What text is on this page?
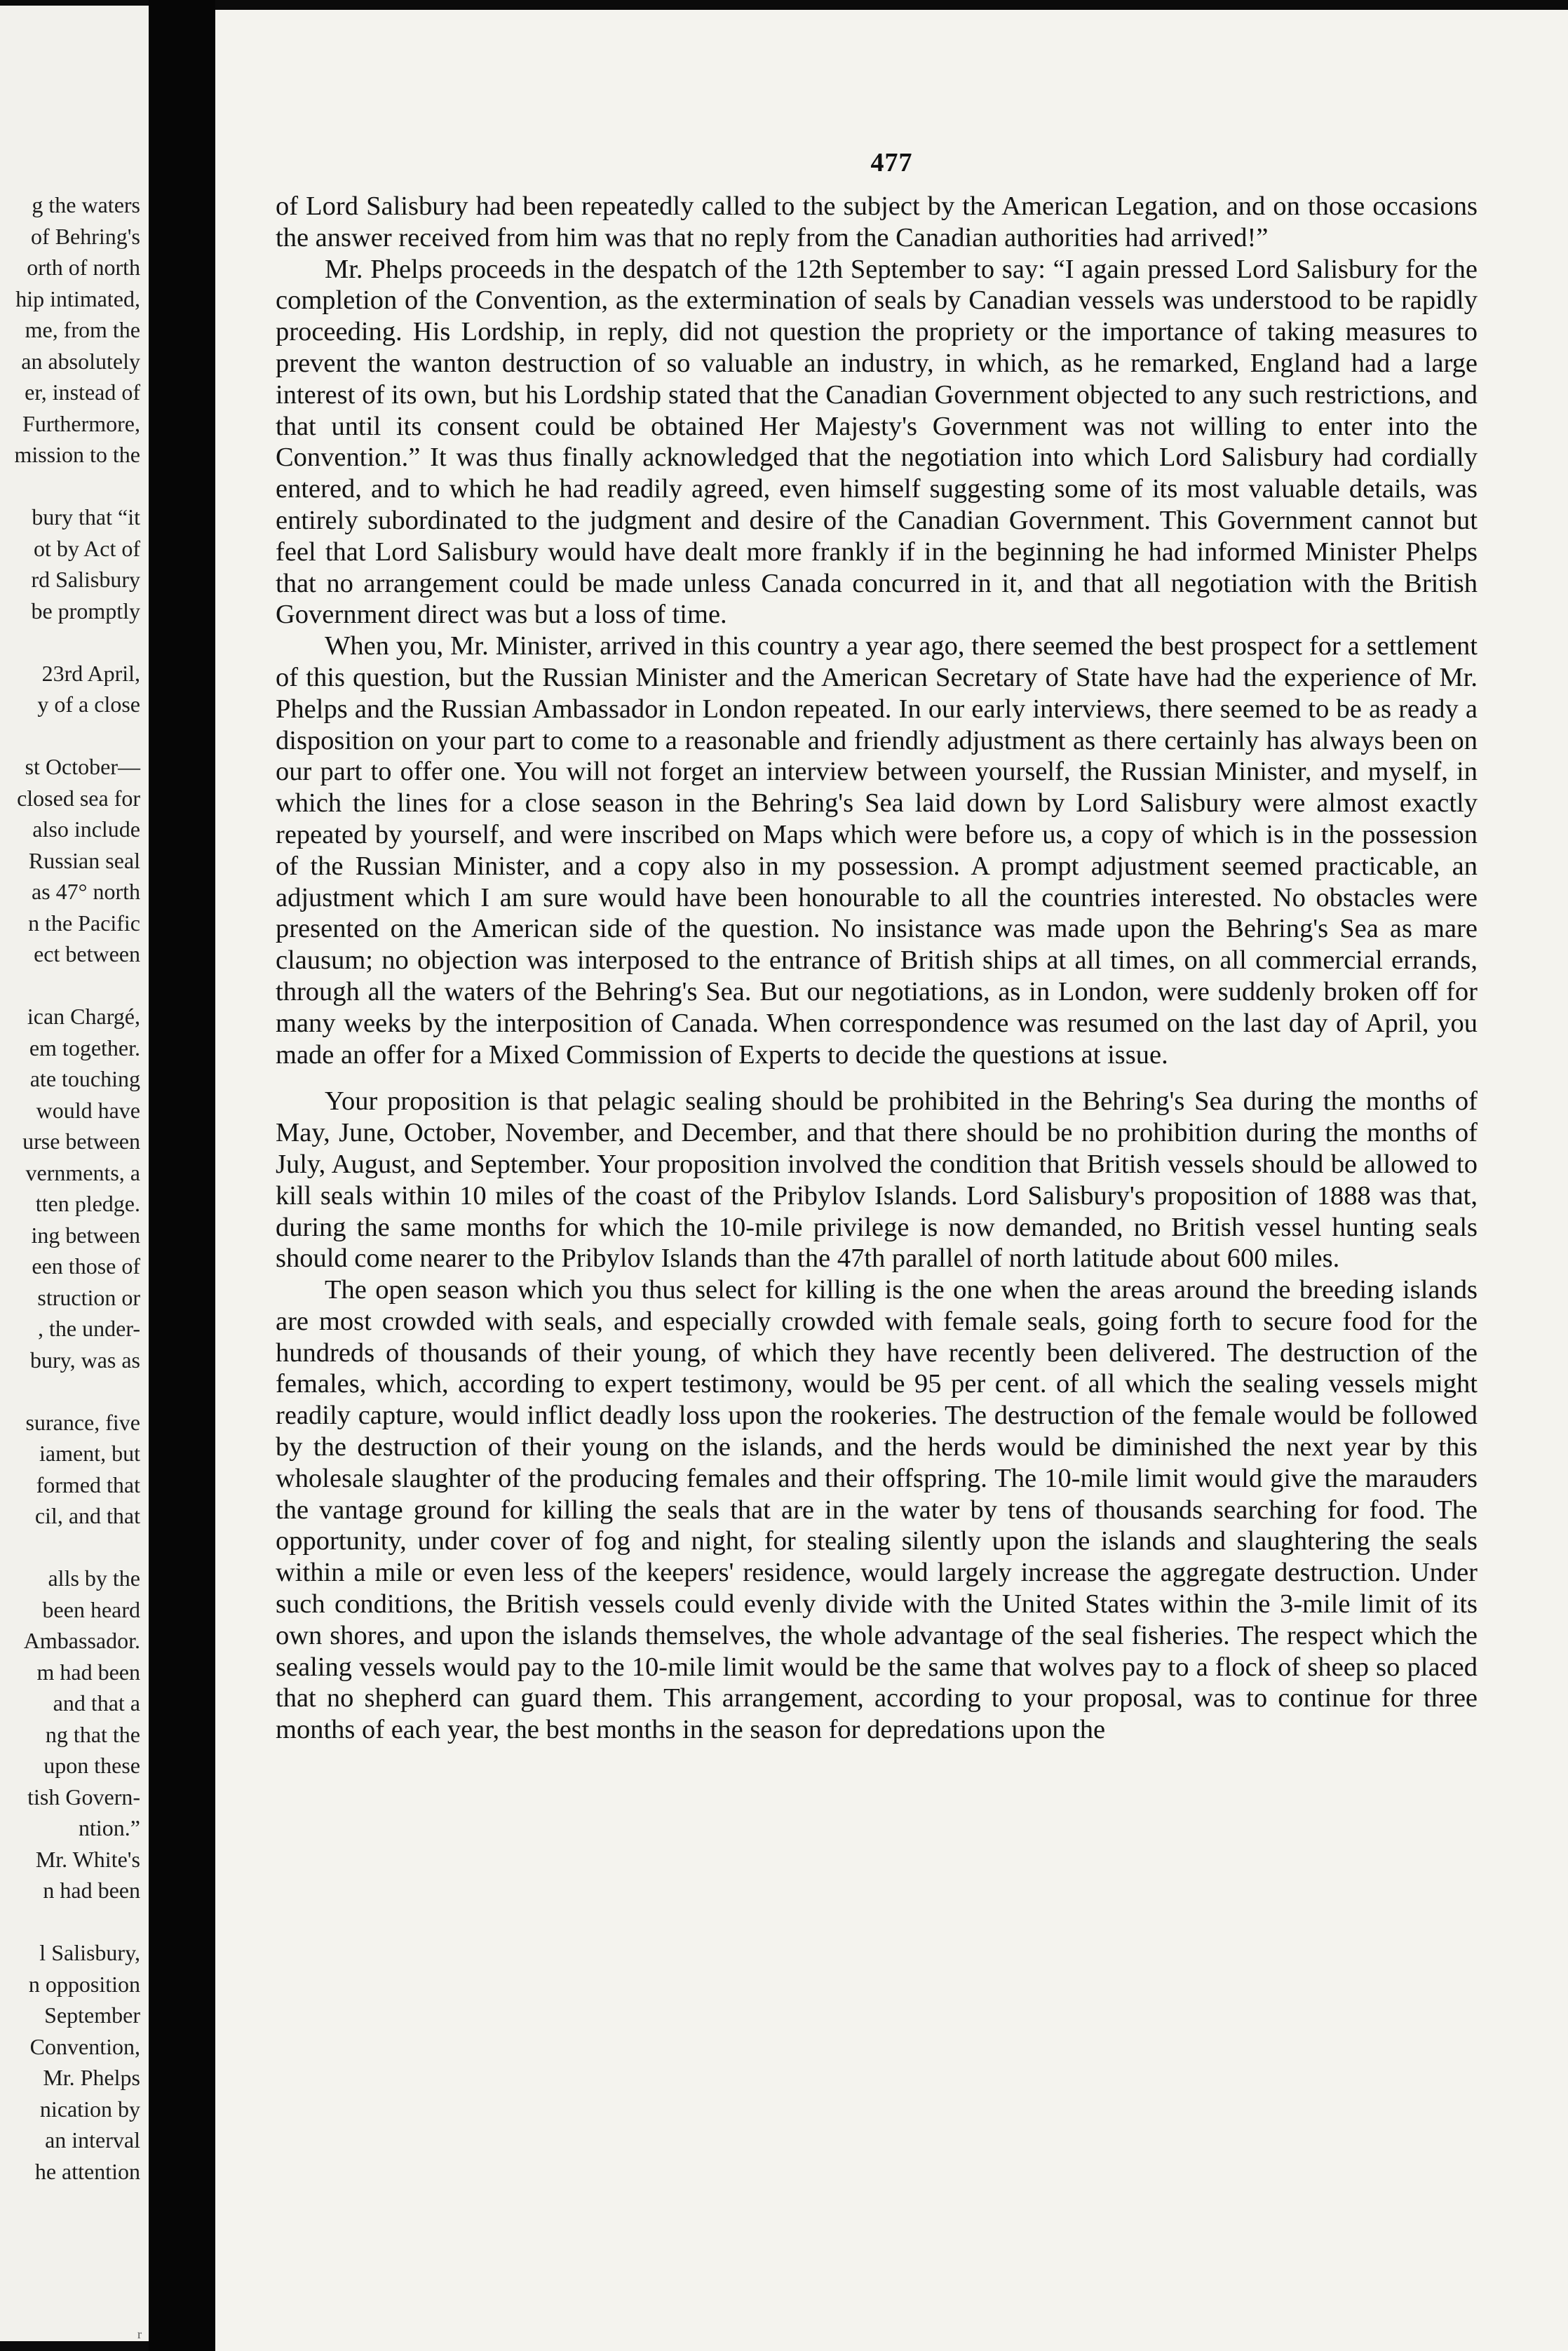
g the waters
of Behring's
orth of north
hip intimated,
me, from the
an absolutely
er, instead of
Furthermore,
mission to the
bury that “it
ot by Act of
rd Salisbury
be promptly
23rd April,
y of a close
st October—
closed sea for
also include
Russian seal
as 47° north
n the Pacific
ect between
ican Chargé,
em together.
ate touching
would have
urse between
vernments, a
tten pledge.
ing between
een those of
struction or
, the under-
bury, was as
surance, five
iament, but
formed that
cil, and that
alls by the
been heard
Ambassador.
m had been
and that a
ng that the
upon these
tish Govern-
ntion.”
Mr. White's
n had been
l Salisbury,
n opposition
September
Convention,
Mr. Phelps
nication by
an interval
he attention
477

of Lord Salisbury had been repeatedly called to the subject by the American Legation, and on those occasions the answer received from him was that no reply from the Canadian authorities had arrived!”

Mr. Phelps proceeds in the despatch of the 12th September to say: “I again pressed Lord Salisbury for the completion of the Convention, as the extermination of seals by Canadian vessels was understood to be rapidly proceeding. His Lordship, in reply, did not question the propriety or the importance of taking measures to prevent the wanton destruction of so valuable an industry, in which, as he remarked, England had a large interest of its own, but his Lordship stated that the Canadian Government objected to any such restrictions, and that until its consent could be obtained Her Majesty's Government was not willing to enter into the Convention.” It was thus finally acknowledged that the negotiation into which Lord Salisbury had cordially entered, and to which he had readily agreed, even himself suggesting some of its most valuable details, was entirely subordinated to the judgment and desire of the Canadian Government. This Government cannot but feel that Lord Salisbury would have dealt more frankly if in the beginning he had informed Minister Phelps that no arrangement could be made unless Canada concurred in it, and that all negotiation with the British Government direct was but a loss of time.

When you, Mr. Minister, arrived in this country a year ago, there seemed the best prospect for a settlement of this question, but the Russian Minister and the American Secretary of State have had the experience of Mr. Phelps and the Russian Ambassador in London repeated. In our early interviews, there seemed to be as ready a disposition on your part to come to a reasonable and friendly adjustment as there certainly has always been on our part to offer one. You will not forget an interview between yourself, the Russian Minister, and myself, in which the lines for a close season in the Behring's Sea laid down by Lord Salisbury were almost exactly repeated by yourself, and were inscribed on Maps which were before us, a copy of which is in the possession of the Russian Minister, and a copy also in my possession. A prompt adjustment seemed practicable, an adjustment which I am sure would have been honourable to all the countries interested. No obstacles were presented on the American side of the question. No insistance was made upon the Behring's Sea as mare clausum; no objection was interposed to the entrance of British ships at all times, on all commercial errands, through all the waters of the Behring's Sea. But our negotiations, as in London, were suddenly broken off for many weeks by the interposition of Canada. When correspondence was resumed on the last day of April, you made an offer for a Mixed Commission of Experts to decide the questions at issue.

Your proposition is that pelagic sealing should be prohibited in the Behring's Sea during the months of May, June, October, November, and December, and that there should be no prohibition during the months of July, August, and September. Your proposition involved the condition that British vessels should be allowed to kill seals within 10 miles of the coast of the Pribylov Islands. Lord Salisbury's proposition of 1888 was that, during the same months for which the 10-mile privilege is now demanded, no British vessel hunting seals should come nearer to the Pribylov Islands than the 47th parallel of north latitude about 600 miles.

The open season which you thus select for killing is the one when the areas around the breeding islands are most crowded with seals, and especially crowded with female seals, going forth to secure food for the hundreds of thousands of their young, of which they have recently been delivered. The destruction of the females, which, according to expert testimony, would be 95 per cent. of all which the sealing vessels might readily capture, would inflict deadly loss upon the rookeries. The destruction of the female would be followed by the destruction of their young on the islands, and the herds would be diminished the next year by this wholesale slaughter of the producing females and their offspring. The 10-mile limit would give the marauders the vantage ground for killing the seals that are in the water by tens of thousands searching for food. The opportunity, under cover of fog and night, for stealing silently upon the islands and slaughtering the seals within a mile or even less of the keepers' residence, would largely increase the aggregate destruction. Under such conditions, the British vessels could evenly divide with the United States within the 3-mile limit of its own shores, and upon the islands themselves, the whole advantage of the seal fisheries. The respect which the sealing vessels would pay to the 10-mile limit would be the same that wolves pay to a flock of sheep so placed that no shepherd can guard them. This arrangement, according to your proposal, was to continue for three months of each year, the best months in the season for depredations upon the

r
